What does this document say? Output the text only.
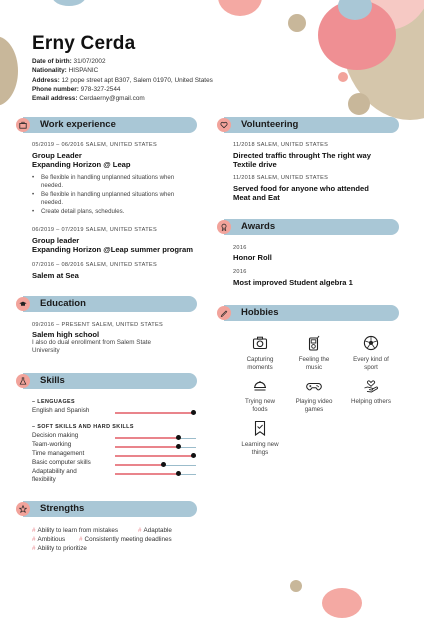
Erny Cerda
Date of birth: 31/07/2002
Nationality: HISPANIC
Address: 12 pope street apt B307, Salem 01970, United States
Phone number: 978-327-2544
Email address: Cerdaerny@gmail.com
Work experience
05/2019 – 06/2016 SALEM, UNITED STATES
Group Leader
Expanding Horizon @ Leap
•	Be flexible in handling unplanned situations when needed.
•	Be flexible in handling unplanned situations when needed.
•	Create detail plans, schedules.
06/2019 – 07/2019 SALEM, UNITED STATES
Group leader
Expanding Horizon @Leap summer program
07/2016 – 08/2016 SALEM, UNITED STATES
Salem at Sea
Education
09/2016 – PRESENT SALEM, UNITED STATES
Salem high school
I also do dual enrollment from Salem State
University
Skills
– LENGUAGES
English and Spanish
– SOFT SKILLS AND HARD SKILLS
Decision making
Team-working
Time management
Basic computer skills
Adaptability and
flexibility
Strengths
# Ability to learn from mistakes	# Adaptable
# Ambitious # Consistently meeting deadlines
# Ability to prioritize
Volunteering
11/2018 SALEM, UNITED STATES
Directed traffic throught The right way
Textile drive
11/2018 SALEM, UNITED STATES
Served food for anyone who attended
Meat and Eat
Awards
2016
Honor Roll
2016
Most improved Student algebra 1
Hobbies
Capturing
moments
Feeling the
music
Every kind of
sport
Trying new
foods
Playing video
games
Helping others
Learning new
things
